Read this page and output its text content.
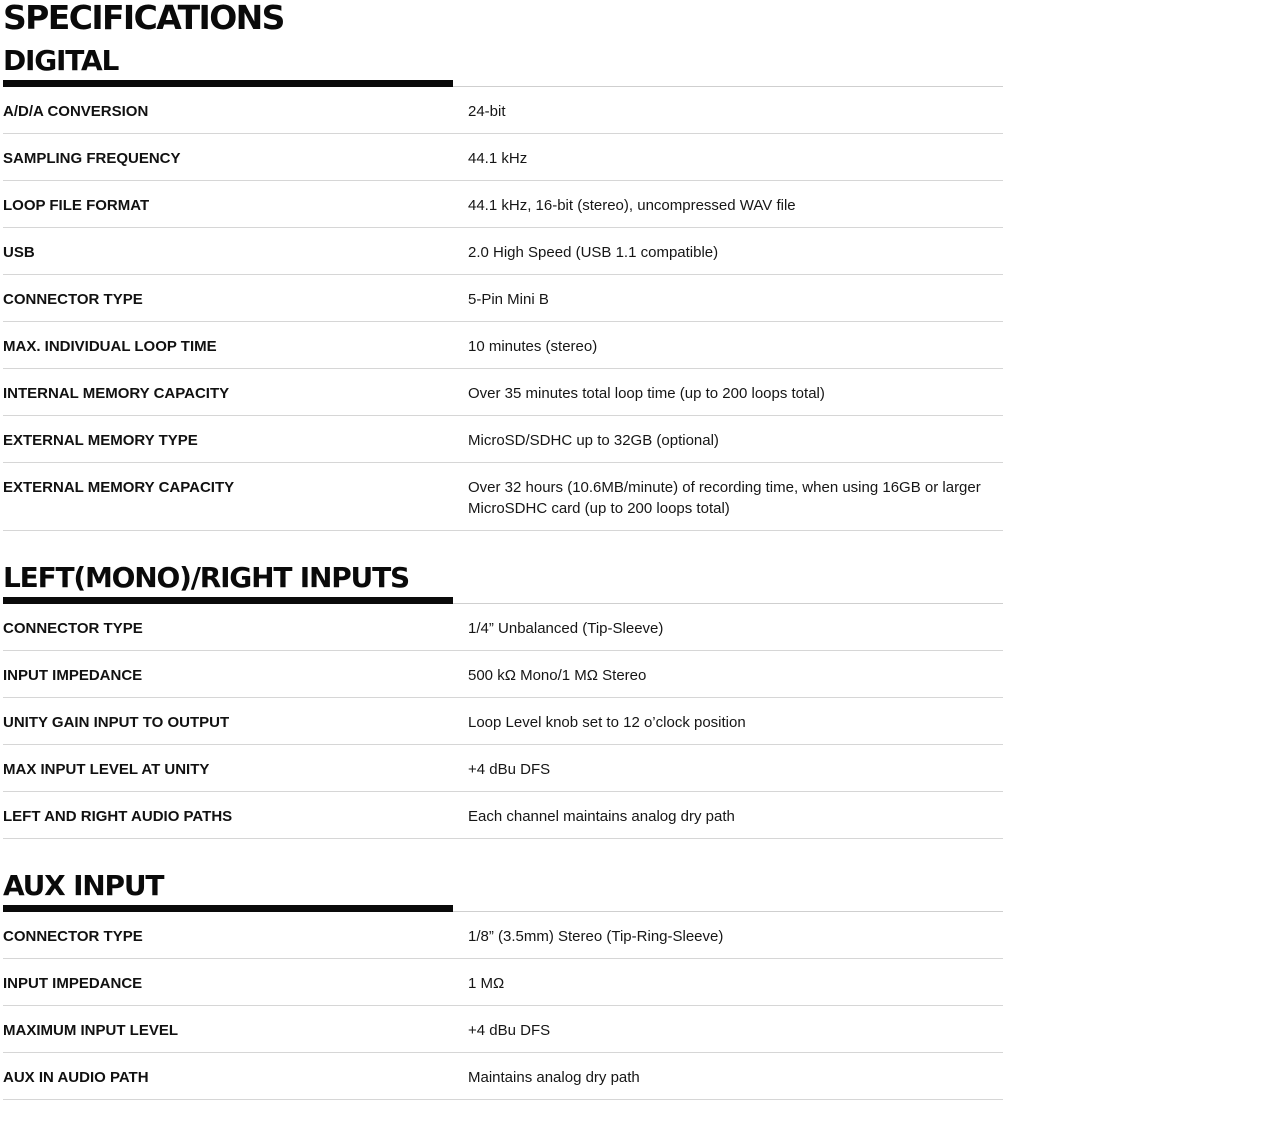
SPECIFICATIONS
DIGITAL
A/D/A CONVERSION	24-bit
SAMPLING FREQUENCY	44.1 kHz
LOOP FILE FORMAT	44.1 kHz, 16-bit (stereo), uncompressed WAV file
USB	2.0 High Speed (USB 1.1 compatible)
CONNECTOR TYPE	5-Pin Mini B
MAX. INDIVIDUAL LOOP TIME	10 minutes (stereo)
INTERNAL MEMORY CAPACITY	Over 35 minutes total loop time (up to 200 loops total)
EXTERNAL MEMORY TYPE	MicroSD/SDHC up to 32GB (optional)
EXTERNAL MEMORY CAPACITY	Over 32 hours (10.6MB/minute) of recording time, when using 16GB or larger MicroSDHC card (up to 200 loops total)
LEFT(MONO)/RIGHT INPUTS
CONNECTOR TYPE	1/4” Unbalanced (Tip-Sleeve)
INPUT IMPEDANCE	500 kΩ Mono/1 MΩ Stereo
UNITY GAIN INPUT TO OUTPUT	Loop Level knob set to 12 o’clock position
MAX INPUT LEVEL AT UNITY	+4 dBu DFS
LEFT AND RIGHT AUDIO PATHS	Each channel maintains analog dry path
AUX INPUT
CONNECTOR TYPE	1/8” (3.5mm) Stereo (Tip-Ring-Sleeve)
INPUT IMPEDANCE	1 MΩ
MAXIMUM INPUT LEVEL	+4 dBu DFS
AUX IN AUDIO PATH	Maintains analog dry path
